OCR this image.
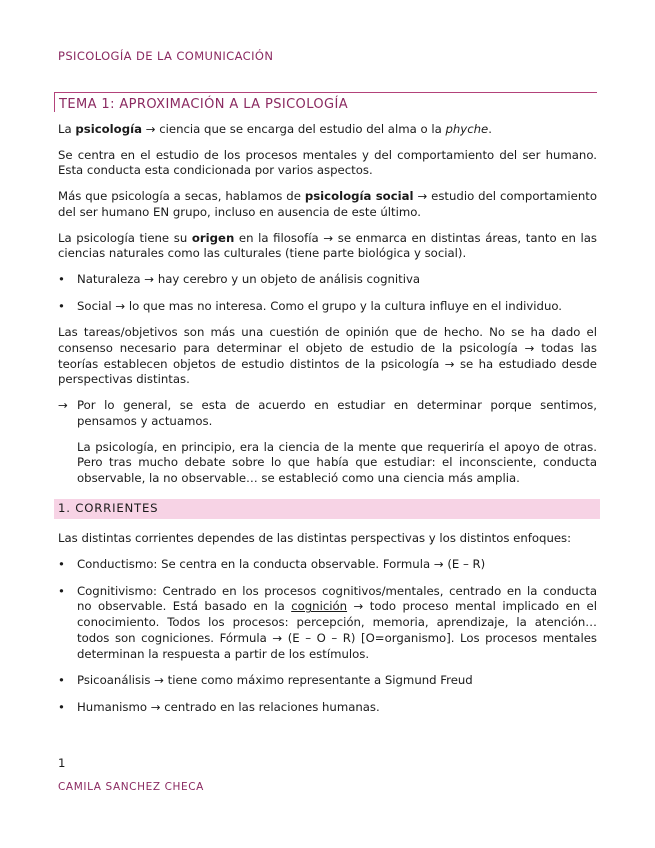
PSICOLOGÍA DE LA COMUNICACIÓN
TEMA 1: APROXIMACIÓN A LA PSICOLOGÍA

La psicología → ciencia que se encarga del estudio del alma o la phyche.

Se centra en el estudio de los procesos mentales y del comportamiento del ser humano. Esta conducta esta condicionada por varios aspectos.

Más que psicología a secas, hablamos de psicología social → estudio del comportamiento del ser humano EN grupo, incluso en ausencia de este último.

La psicología tiene su origen en la filosofía → se enmarca en distintas áreas, tanto en las ciencias naturales como las culturales (tiene parte biológica y social).

• Naturaleza → hay cerebro y un objeto de análisis cognitiva
• Social → lo que mas no interesa. Como el grupo y la cultura influye en el individuo.

Las tareas/objetivos son más una cuestión de opinión que de hecho. No se ha dado el consenso necesario para determinar el objeto de estudio de la psicología → todas las teorías establecen objetos de estudio distintos de la psicología → se ha estudiado desde perspectivas distintas.

→ Por lo general, se esta de acuerdo en estudiar en determinar porque sentimos, pensamos y actuamos.

La psicología, en principio, era la ciencia de la mente que requeriría el apoyo de otras. Pero tras mucho debate sobre lo que había que estudiar: el inconsciente, conducta observable, la no observable… se estableció como una ciencia más amplia.

1. CORRIENTES

Las distintas corrientes dependes de las distintas perspectivas y los distintos enfoques:

• Conductismo: Se centra en la conducta observable. Formula → (E – R)
• Cognitivismo: Centrado en los procesos cognitivos/mentales, centrado en la conducta no observable. Está basado en la cognición → todo proceso mental implicado en el conocimiento. Todos los procesos: percepción, memoria, aprendizaje, la atención… todos son cogniciones. Fórmula → (E – O – R) [O=organismo]. Los procesos mentales determinan la respuesta a partir de los estímulos.
• Psicoanálisis → tiene como máximo representante a Sigmund Freud
• Humanismo → centrado en las relaciones humanas.
1
CAMILA SANCHEZ CHECA
